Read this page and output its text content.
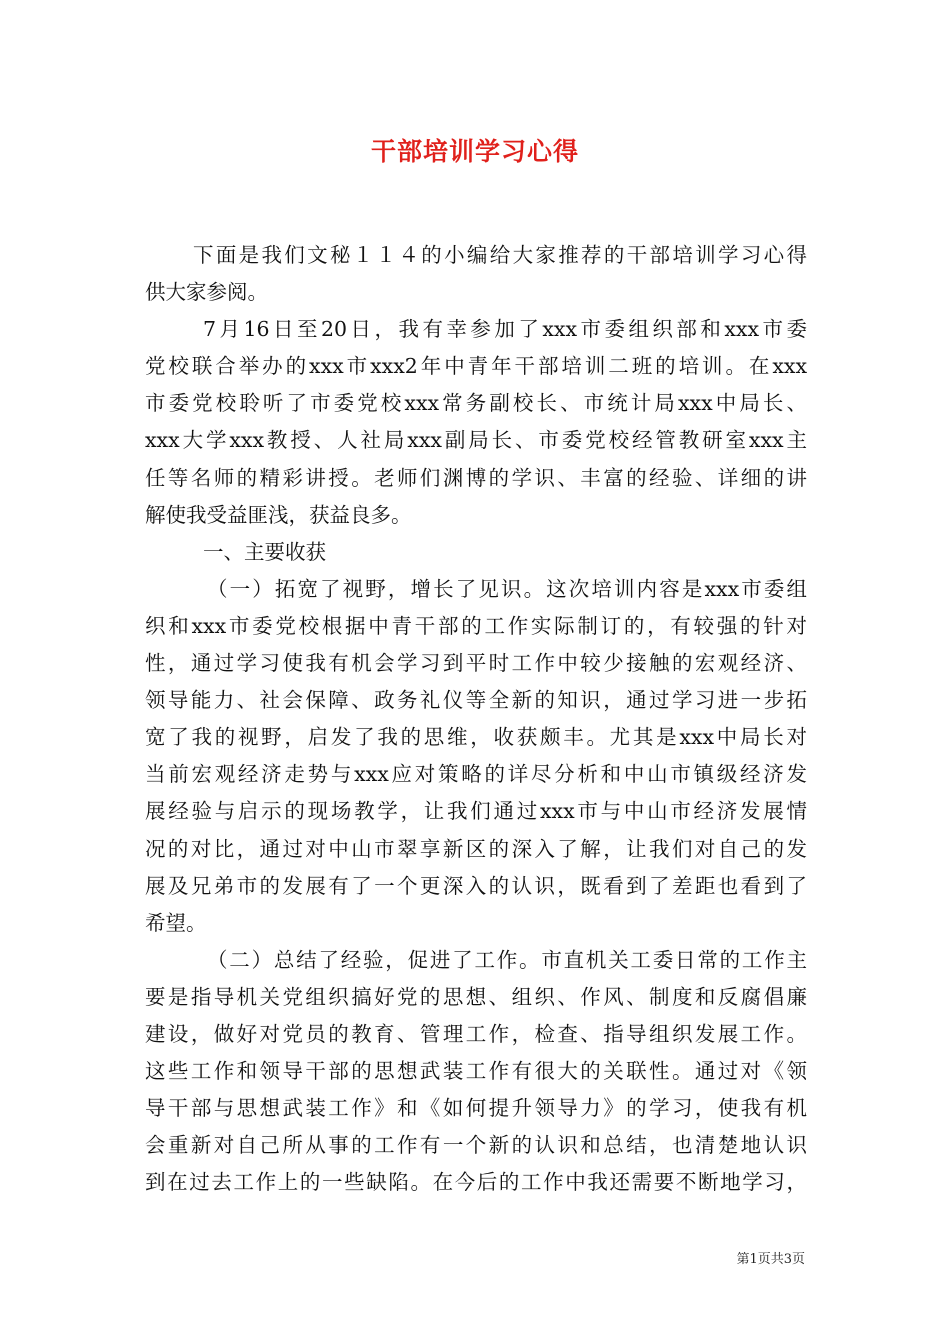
干部培训学习心得
下面是我们文秘１１４的小编给大家推荐的干部培训学习心得
供大家参阅。
7月16日至20日，我有幸参加了xxx市委组织部和xxx市委
党校联合举办的xxx市xxx2年中青年干部培训二班的培训。在xxx
市委党校聆听了市委党校xxx常务副校长、市统计局xxx中局长、
xxx大学xxx教授、人社局xxx副局长、市委党校经管教研室xxx主
任等名师的精彩讲授。老师们渊博的学识、丰富的经验、详细的讲
解使我受益匪浅，获益良多。
一、主要收获
（一）拓宽了视野，增长了见识。这次培训内容是xxx市委组
织和xxx市委党校根据中青干部的工作实际制订的，有较强的针对
性，通过学习使我有机会学习到平时工作中较少接触的宏观经济、
领导能力、社会保障、政务礼仪等全新的知识，通过学习进一步拓
宽了我的视野，启发了我的思维，收获颇丰。尤其是xxx中局长对
当前宏观经济走势与xxx应对策略的详尽分析和中山市镇级经济发
展经验与启示的现场教学，让我们通过xxx市与中山市经济发展情
况的对比，通过对中山市翠享新区的深入了解，让我们对自己的发
展及兄弟市的发展有了一个更深入的认识，既看到了差距也看到了
希望。
（二）总结了经验，促进了工作。市直机关工委日常的工作主
要是指导机关党组织搞好党的思想、组织、作风、制度和反腐倡廉
建设，做好对党员的教育、管理工作，检查、指导组织发展工作。
这些工作和领导干部的思想武装工作有很大的关联性。通过对《领
导干部与思想武装工作》和《如何提升领导力》的学习，使我有机
会重新对自己所从事的工作有一个新的认识和总结，也清楚地认识
到在过去工作上的一些缺陷。在今后的工作中我还需要不断地学习，
第1页共3页
